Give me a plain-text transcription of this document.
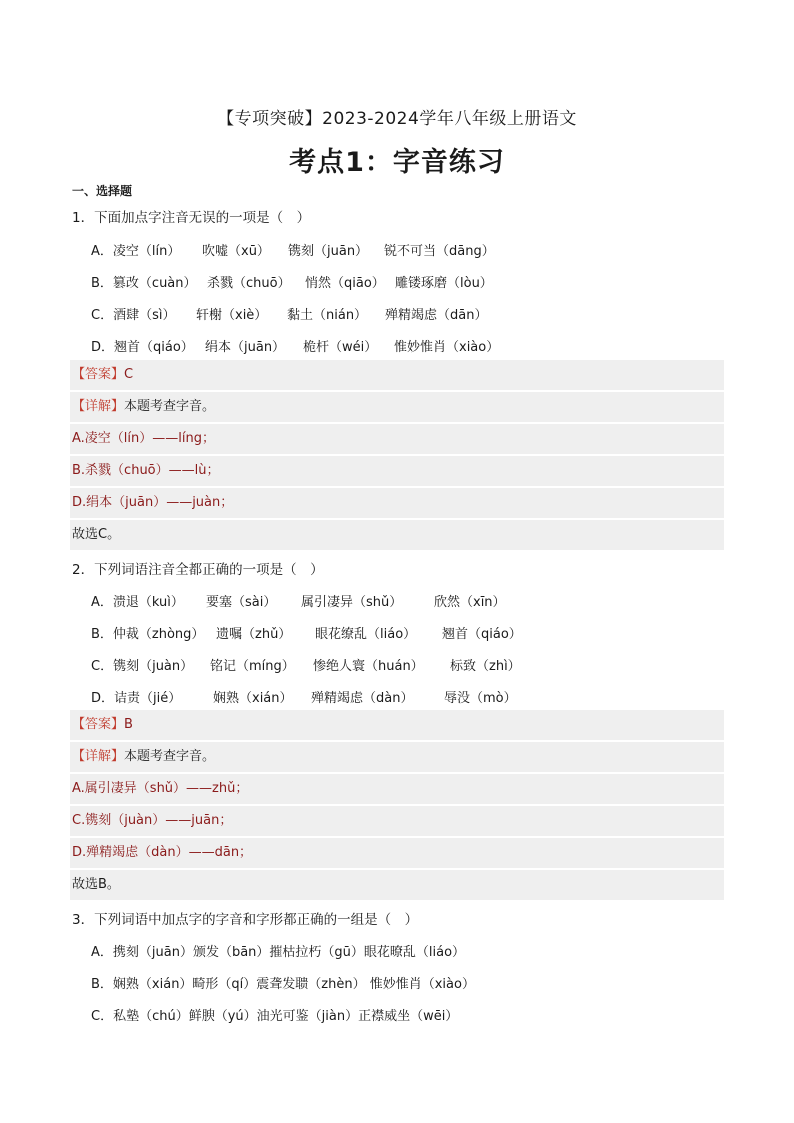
【专项突破】2023-2024学年八年级上册语文
考点1：字音练习
一、选择题
1．下面加点字注音无误的一项是（　）
A．凌空（lín） 吹嘘（xū） 镌刻（juān） 锐不可当（dāng）
B．篡改（cuàn） 杀戮（chuō） 悄然（qiāo） 雕镂琢磨（lòu）
C．酒肆（sì） 轩榭（xiè） 黏土（nián） 殚精竭虑（dān）
D．翘首（qiáo） 绢本（juān） 桅杆（wéi） 惟妙惟肖（xiào）
【答案】C
【详解】本题考查字音。
A.凌空（lín）——líng；
B.杀戮（chuō）——lù；
D.绢本（juān）——juàn；
故选C。
2．下列词语注音全都正确的一项是（　）
A．溃退（kuì） 要塞（sài） 属引凄异（shǔ） 欣然（xīn）
B．仲裁（zhòng） 遗嘱（zhǔ） 眼花缭乱（liáo） 翘首（qiáo）
C．镌刻（juàn） 铭记（míng） 惨绝人寰（huán） 标致（zhì）
D．诘责（jié） 娴熟（xián） 殚精竭虑（dàn） 辱没（mò）
【答案】B
【详解】本题考查字音。
A.属引凄异（shǔ）——zhǔ；
C.镌刻（juàn）——juān；
D.殚精竭虑（dàn）——dān；
故选B。
3．下列词语中加点字的字音和字形都正确的一组是（　）
A．携刻（juān）颁发（bān）摧枯拉朽（gū）眼花暸乱（liáo）
B．娴熟（xián）畸形（qí）震聋发聩（zhèn） 惟妙惟肖（xiào）
C．私塾（chú）鲜腴（yú）油光可鉴（jiàn）正襟威坐（wēi）
